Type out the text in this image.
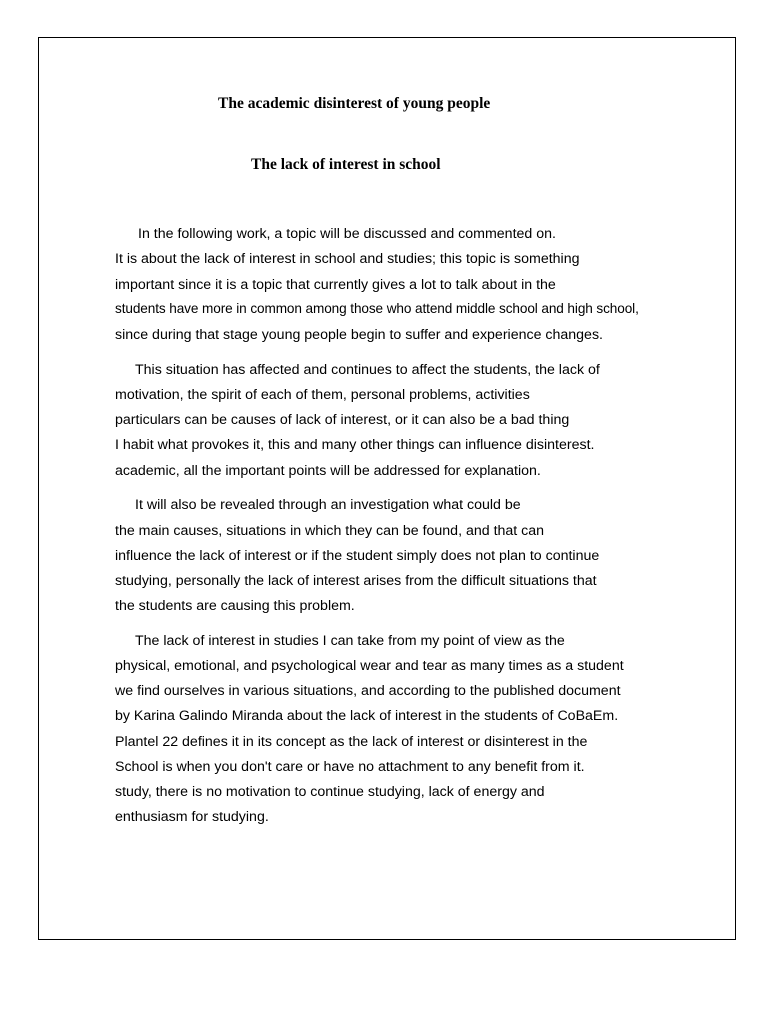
The academic disinterest of young people
The lack of interest in school
In the following work, a topic will be discussed and commented on.
It is about the lack of interest in school and studies; this topic is something
important since it is a topic that currently gives a lot to talk about in the
students have more in common among those who attend middle school and high school,
since during that stage young people begin to suffer and experience changes.
This situation has affected and continues to affect the students, the lack of
motivation, the spirit of each of them, personal problems, activities
particulars can be causes of lack of interest, or it can also be a bad thing
I habit what provokes it, this and many other things can influence disinterest.
academic, all the important points will be addressed for explanation.
It will also be revealed through an investigation what could be
the main causes, situations in which they can be found, and that can
influence the lack of interest or if the student simply does not plan to continue
studying, personally the lack of interest arises from the difficult situations that
the students are causing this problem.
The lack of interest in studies I can take from my point of view as the
physical, emotional, and psychological wear and tear as many times as a student
we find ourselves in various situations, and according to the published document
by Karina Galindo Miranda about the lack of interest in the students of CoBaEm.
Plantel 22 defines it in its concept as the lack of interest or disinterest in the
School is when you don't care or have no attachment to any benefit from it.
study, there is no motivation to continue studying, lack of energy and
enthusiasm for studying.
